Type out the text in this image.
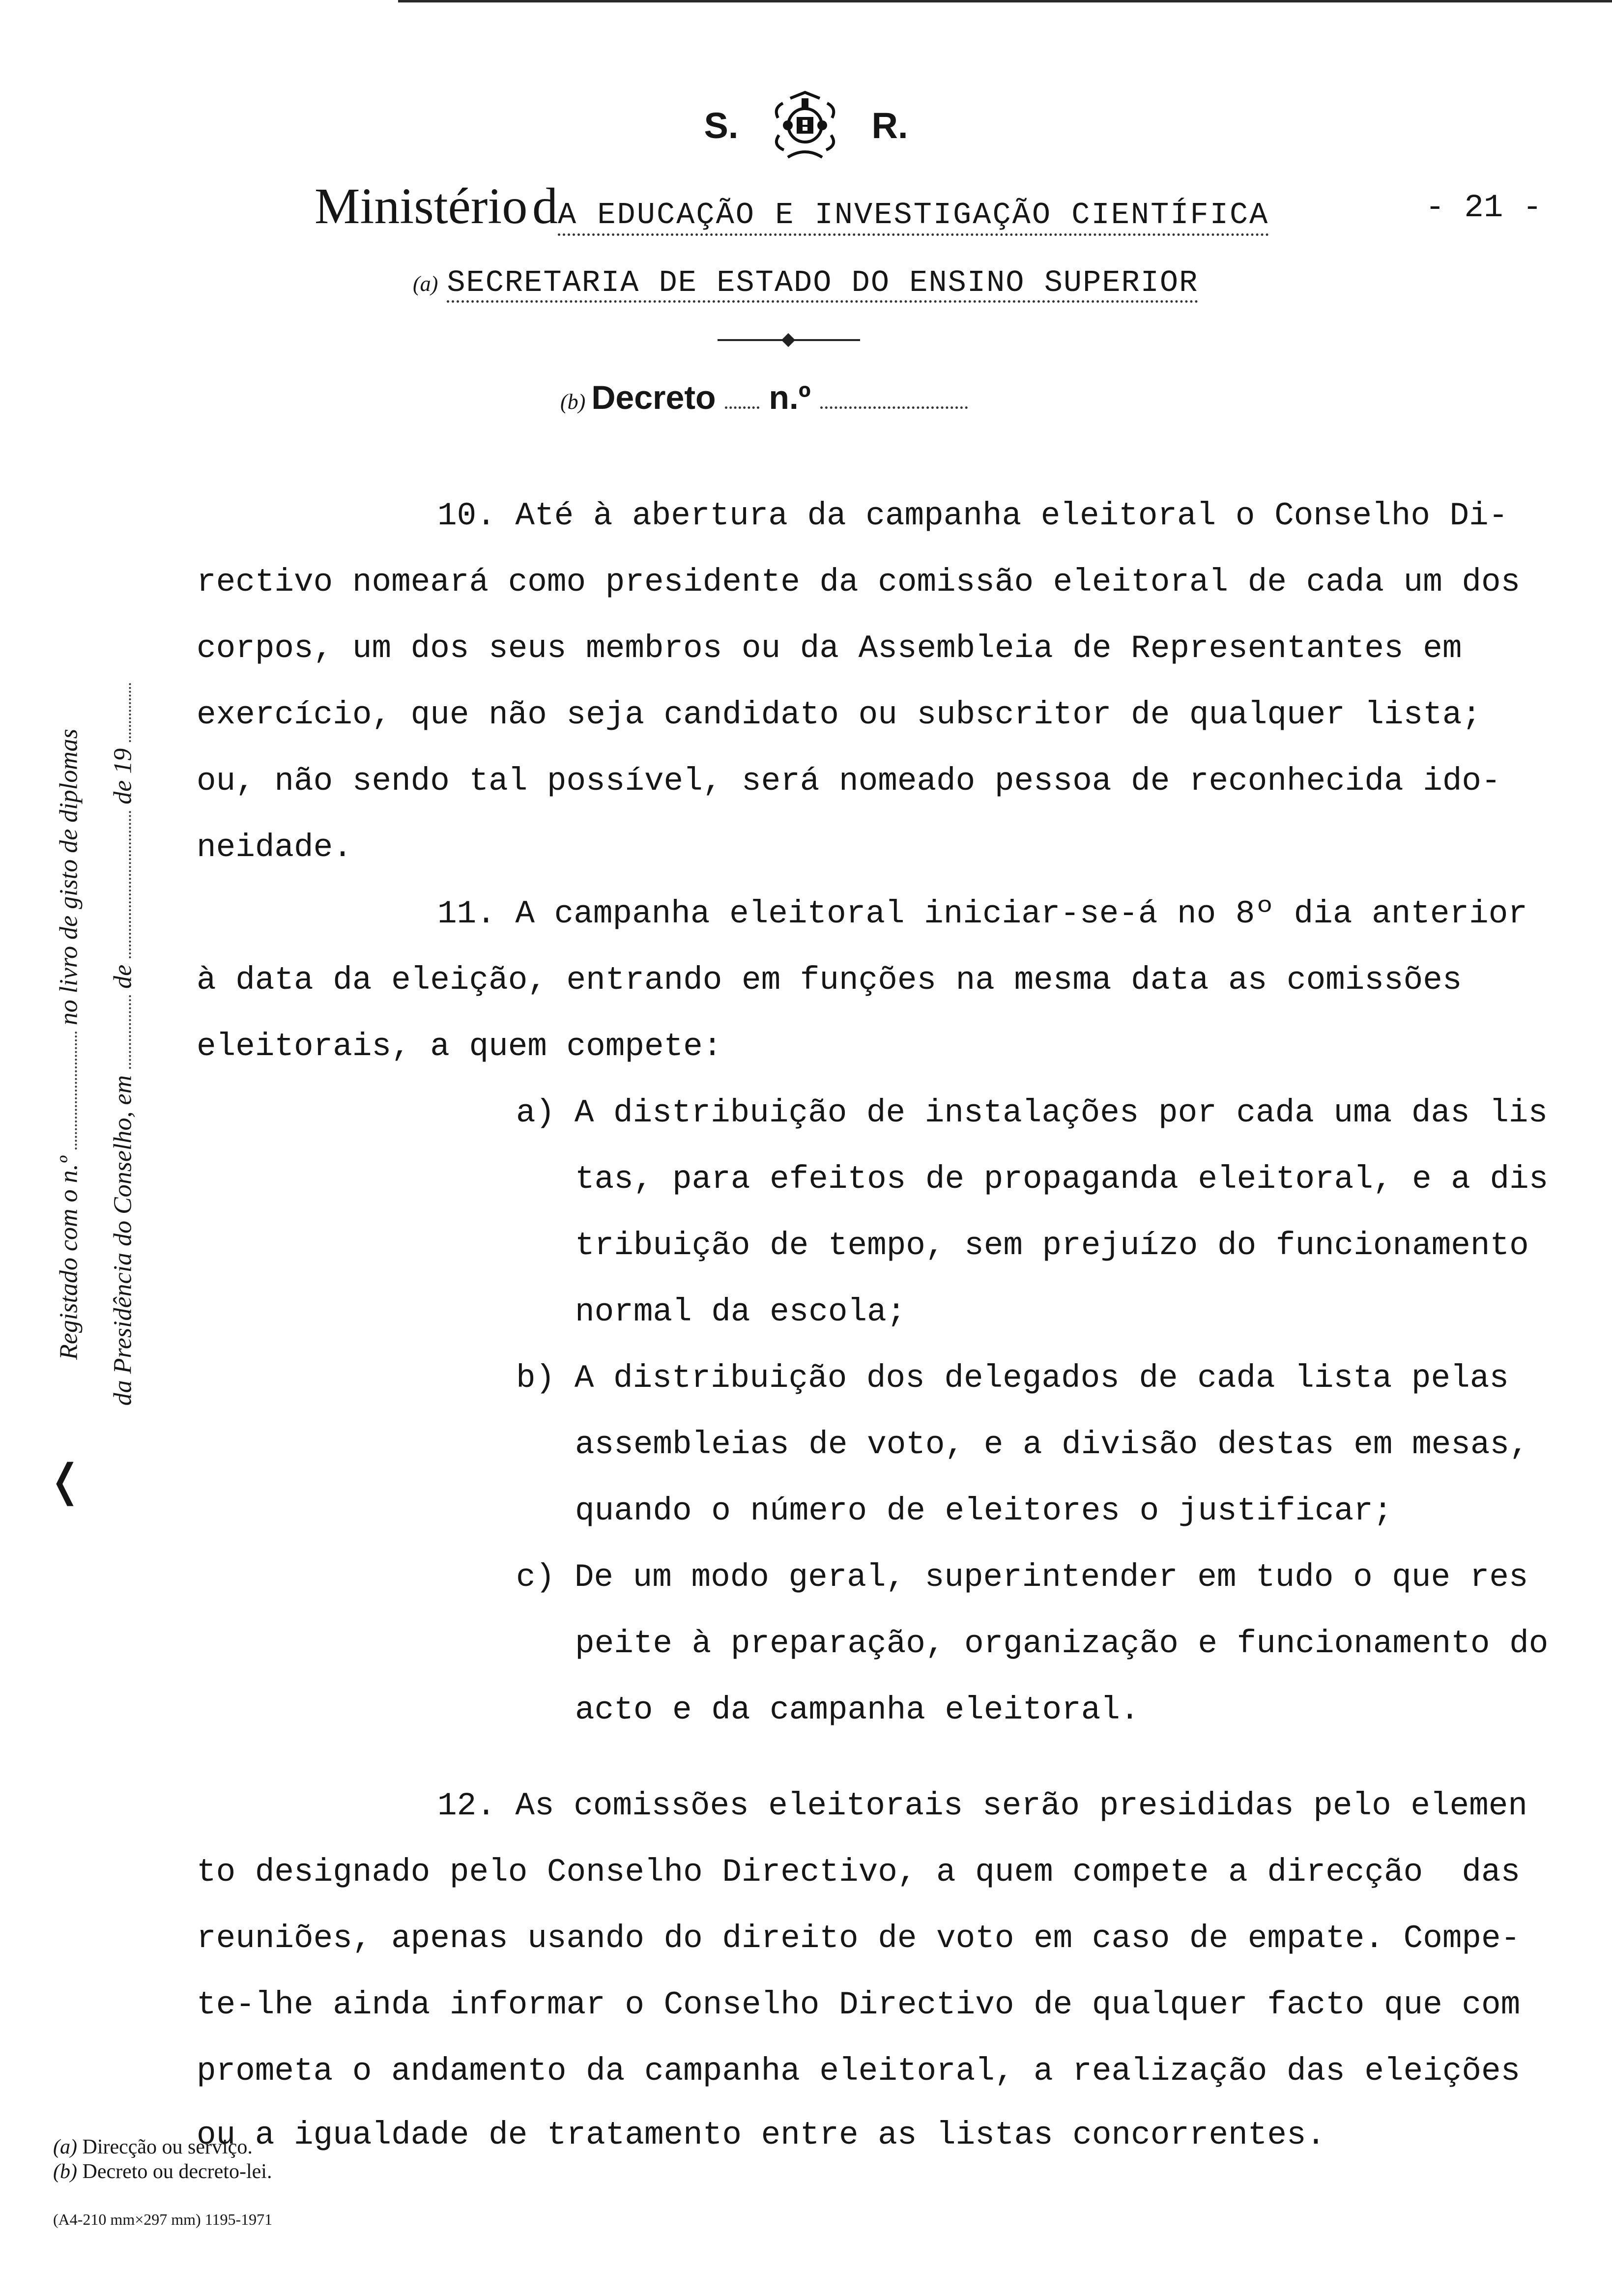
S.	R.
Ministério dA EDUCAÇÃO E INVESTIGAÇÃO CIENTÍFICA	- 21 -
(a) SECRETARIA DE ESTADO DO ENSINO SUPERIOR
(b) Decreto n.º
10. Até à abertura da campanha eleitoral o Conselho Di-
rectivo nomeará como presidente da comissão eleitoral de cada um dos
corpos, um dos seus membros ou da Assembleia de Representantes em
exercício, que não seja candidato ou subscritor de qualquer lista;
ou, não sendo tal possível, será nomeado pessoa de reconhecida ido-
neidade.
11. A campanha eleitoral iniciar-se-á no 8º dia anterior
à data da eleição, entrando em funções na mesma data as comissões
eleitorais, a quem compete:
a) A distribuição de instalações por cada uma das lis
tas, para efeitos de propaganda eleitoral, e a dis
tribuição de tempo, sem prejuízo do funcionamento
normal da escola;
b) A distribuição dos delegados de cada lista pelas
assembleias de voto, e a divisão destas em mesas,
quando o número de eleitores o justificar;
c) De um modo geral, superintender em tudo o que res
peite à preparação, organização e funcionamento do
acto e da campanha eleitoral.
12. As comissões eleitorais serão presididas pelo elemen
to designado pelo Conselho Directivo, a quem compete a direcção  das
reuniões, apenas usando do direito de voto em caso de empate. Compe-
te-lhe ainda informar o Conselho Directivo de qualquer facto que com
prometa o andamento da campanha eleitoral, a realização das eleições
ou a igualdade de tratamento entre as listas concorrentes.
Registado com o n.º  no livro de gisto de diplomas
da Presidência do Conselho, em  de  de 19
❬
(a) Direcção ou serviço.
(b) Decreto ou decreto-lei.
(A4-210 mm×297 mm) 1195-1971
